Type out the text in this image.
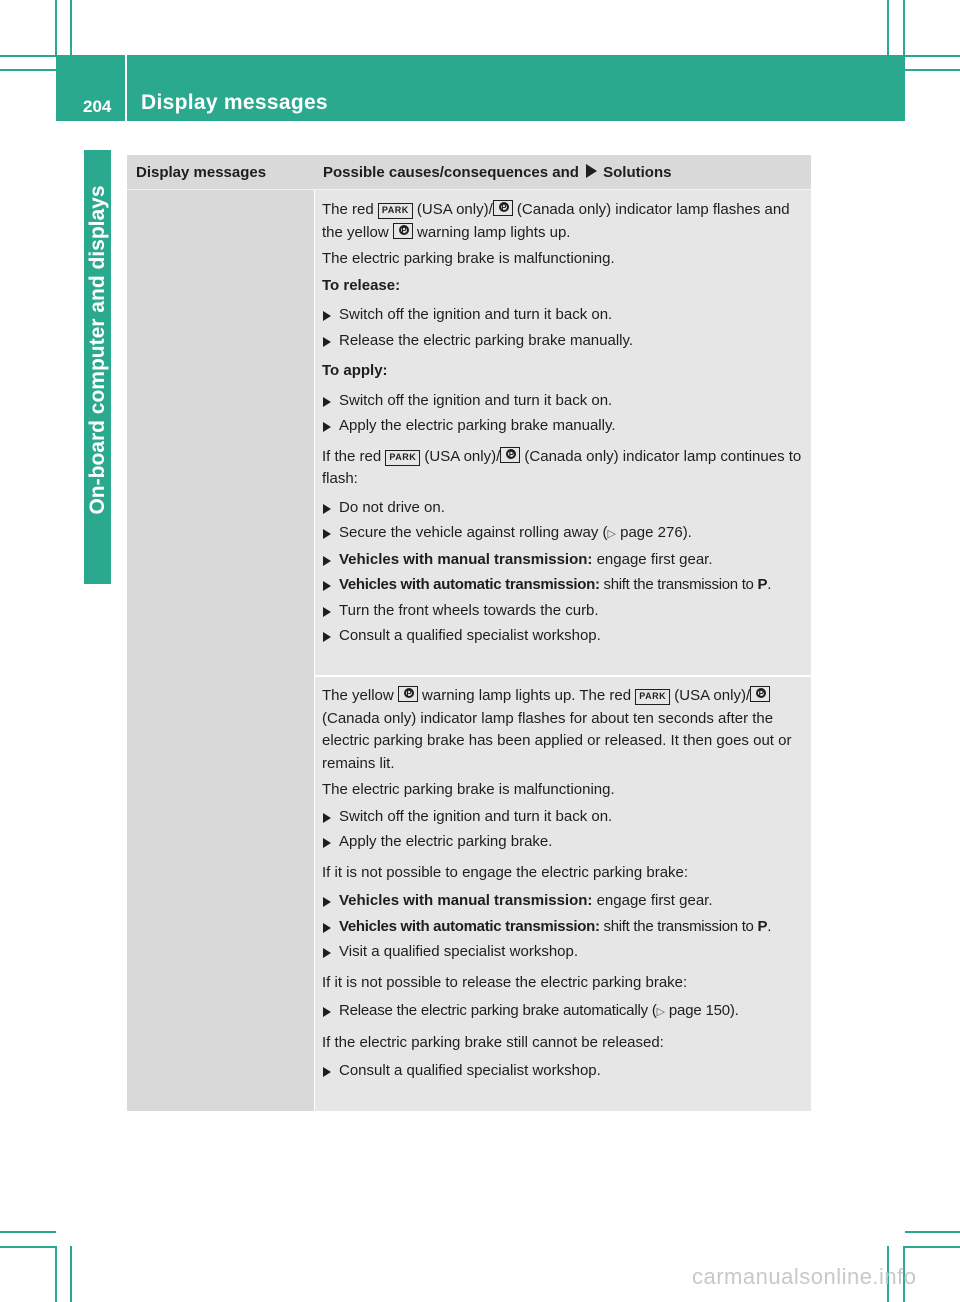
204 Display messages
On-board computer and displays
Display messages	Possible causes/consequences and Solutions

The red PARK (USA only)/ P (Canada only) indicator lamp flashes and the yellow P warning lamp lights up.

The electric parking brake is malfunctioning.

To release:

Switch off the ignition and turn it back on.
Release the electric parking brake manually.

To apply:

Switch off the ignition and turn it back on.
Apply the electric parking brake manually.

If the red PARK (USA only)/ P (Canada only) indicator lamp continues to flash:

Do not drive on.
Secure the vehicle against rolling away (▷ page 276).
Vehicles with manual transmission: engage first gear.
Vehicles with automatic transmission: shift the transmission to P.
Turn the front wheels towards the curb.
Consult a qualified specialist workshop.

The yellow P warning lamp lights up. The red PARK (USA only)/P (Canada only) indicator lamp flashes for about ten seconds after the electric parking brake has been applied or released. It then goes out or remains lit.

The electric parking brake is malfunctioning.

Switch off the ignition and turn it back on.
Apply the electric parking brake.

If it is not possible to engage the electric parking brake:

Vehicles with manual transmission: engage first gear.
Vehicles with automatic transmission: shift the transmission to P.
Visit a qualified specialist workshop.

If it is not possible to release the electric parking brake:

Release the electric parking brake automatically (▷ page 150).

If the electric parking brake still cannot be released:

Consult a qualified specialist workshop.
carmanualsonline.info
